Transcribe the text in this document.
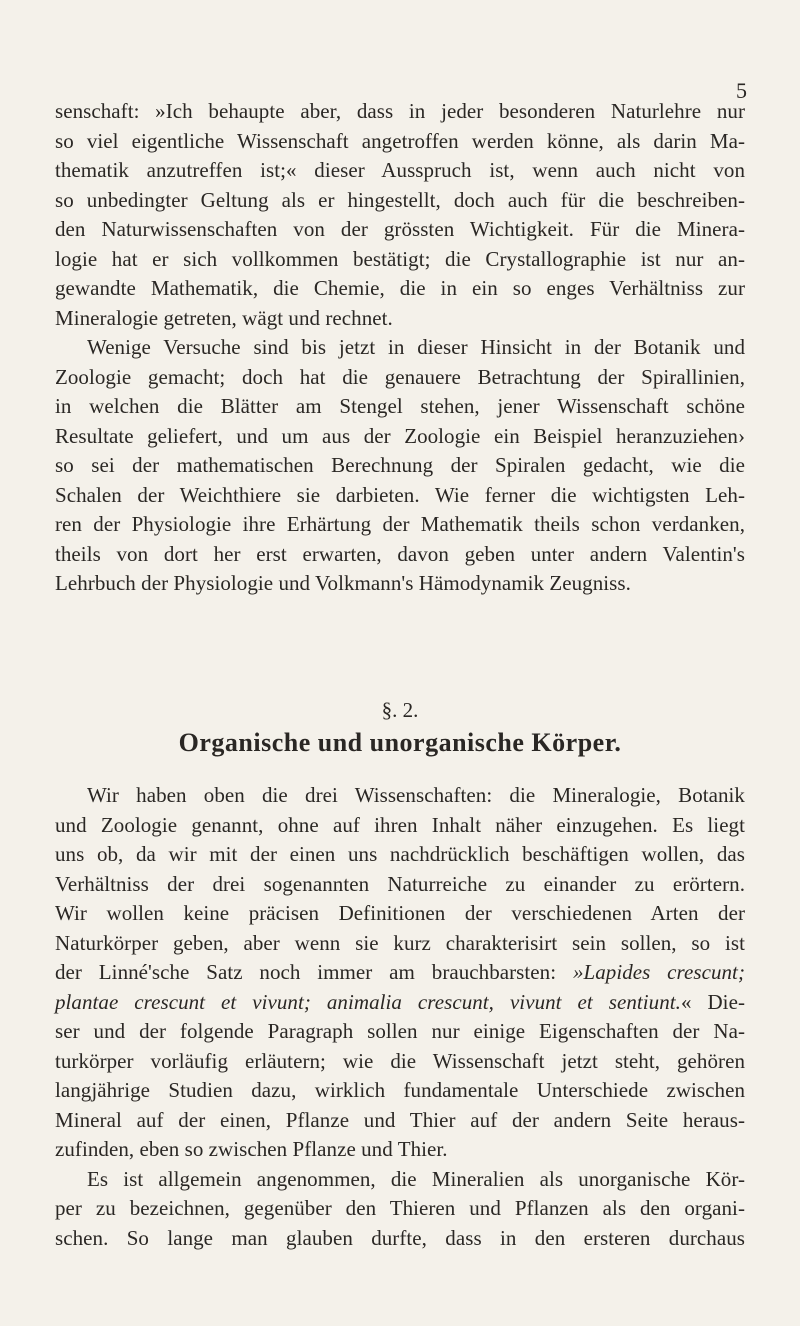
5
senschaft: »Ich behaupte aber, dass in jeder besonderen Naturlehre nur
so viel eigentliche Wissenschaft angetroffen werden könne, als darin Ma-
thematik anzutreffen ist;« dieser Ausspruch ist, wenn auch nicht von
so unbedingter Geltung als er hingestellt, doch auch für die beschreiben-
den Naturwissenschaften von der grössten Wichtigkeit. Für die Minera-
logie hat er sich vollkommen bestätigt; die Crystallographie ist nur an-
gewandte Mathematik, die Chemie, die in ein so enges Verhältniss zur
Mineralogie getreten, wägt und rechnet.
Wenige Versuche sind bis jetzt in dieser Hinsicht in der Botanik und
Zoologie gemacht; doch hat die genauere Betrachtung der Spirallinien,
in welchen die Blätter am Stengel stehen, jener Wissenschaft schöne
Resultate geliefert, und um aus der Zoologie ein Beispiel heranzuziehen›
so sei der mathematischen Berechnung der Spiralen gedacht, wie die
Schalen der Weichthiere sie darbieten. Wie ferner die wichtigsten Leh-
ren der Physiologie ihre Erhärtung der Mathematik theils schon verdanken,
theils von dort her erst erwarten, davon geben unter andern Valentin's
Lehrbuch der Physiologie und Volkmann's Hämodynamik Zeugniss.
§. 2.
Organische und unorganische Körper.
Wir haben oben die drei Wissenschaften: die Mineralogie, Botanik
und Zoologie genannt, ohne auf ihren Inhalt näher einzugehen. Es liegt
uns ob, da wir mit der einen uns nachdrücklich beschäftigen wollen, das
Verhältniss der drei sogenannten Naturreiche zu einander zu erörtern.
Wir wollen keine präcisen Definitionen der verschiedenen Arten der
Naturkörper geben, aber wenn sie kurz charakterisirt sein sollen, so ist
der Linné'sche Satz noch immer am brauchbarsten: »Lapides crescunt;
plantae crescunt et vivunt; animalia crescunt, vivunt et sentiunt.« Die-
ser und der folgende Paragraph sollen nur einige Eigenschaften der Na-
turkörper vorläufig erläutern; wie die Wissenschaft jetzt steht, gehören
langjährige Studien dazu, wirklich fundamentale Unterschiede zwischen
Mineral auf der einen, Pflanze und Thier auf der andern Seite heraus-
zufinden, eben so zwischen Pflanze und Thier.
Es ist allgemein angenommen, die Mineralien als unorganische Kör-
per zu bezeichnen, gegenüber den Thieren und Pflanzen als den organi-
schen. So lange man glauben durfte, dass in den ersteren durchaus
